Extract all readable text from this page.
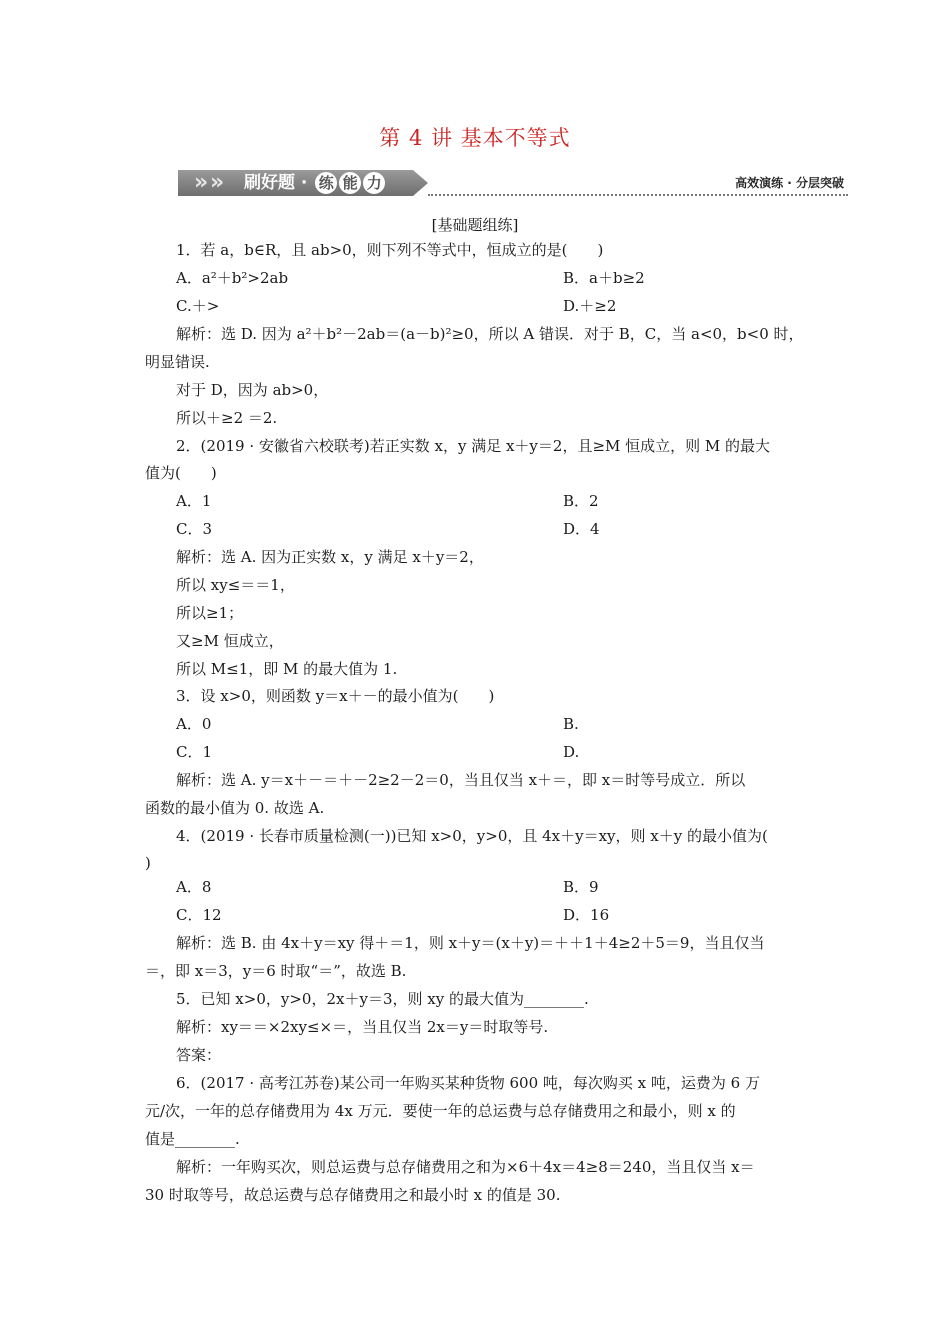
第 4 讲 基本不等式
» » 刷好题 · 练 能 力	高效演练 · 分层突破
[基础题组练]
1．若 a，b∈R，且 ab>0，则下列不等式中，恒成立的是(　　)
A．a²＋b²>2ab	B．a＋b≥2
C.＋>	D.＋≥2
解析：选 D. 因为 a²＋b²－2ab＝(a－b)²≥0，所以 A 错误．对于 B，C，当 a<0，b<0 时，
明显错误.
对于 D，因为 ab>0，
所以＋≥2 ＝2.
2．(2019 · 安徽省六校联考)若正实数 x，y 满足 x＋y＝2，且≥M 恒成立，则 M 的最大
值为(　　)
A．1	B．2
C．3	D．4
解析：选 A. 因为正实数 x，y 满足 x＋y＝2，
所以 xy≤＝＝1，
所以≥1；
又≥M 恒成立，
所以 M≤1，即 M 的最大值为 1.
3．设 x>0，则函数 y＝x＋－的最小值为(　　)
A．0	B.
C．1	D.
解析：选 A. y＝x＋－＝＋－2≥2－2＝0，当且仅当 x＋＝，即 x＝时等号成立．所以
函数的最小值为 0. 故选 A.
4．(2019 · 长春市质量检测(一))已知 x>0，y>0，且 4x＋y＝xy，则 x＋y 的最小值为(
)
A．8	B．9
C．12	D．16
解析：选 B. 由 4x＋y＝xy 得＋＝1，则 x＋y＝(x＋y)＝＋＋1＋4≥2＋5＝9，当且仅当
＝，即 x＝3，y＝6 时取“＝”，故选 B.
5．已知 x>0，y>0，2x＋y＝3，则 xy 的最大值为________.
解析：xy＝＝×2xy≤×＝，当且仅当 2x＝y＝时取等号.
答案：
6．(2017 · 高考江苏卷)某公司一年购买某种货物 600 吨，每次购买 x 吨，运费为 6 万
元/次，一年的总存储费用为 4x 万元．要使一年的总运费与总存储费用之和最小，则 x 的
值是________.
解析：一年购买次，则总运费与总存储费用之和为×6＋4x＝4≥8＝240，当且仅当 x＝
30 时取等号，故总运费与总存储费用之和最小时 x 的值是 30.
